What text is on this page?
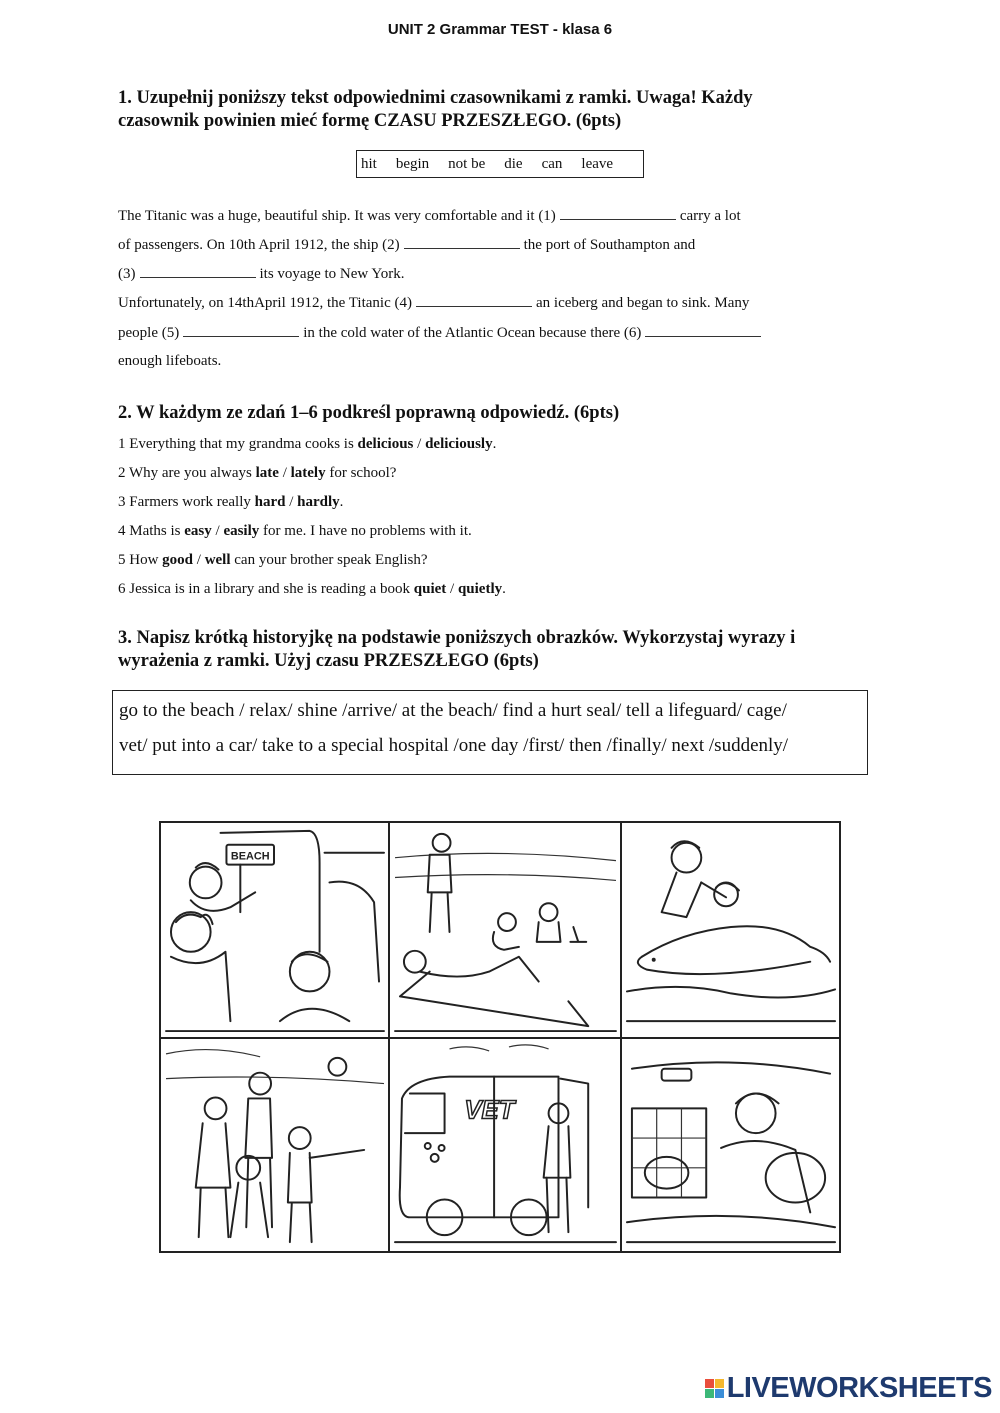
UNIT 2 Grammar TEST - klasa 6
1. Uzupełnij poniższy tekst odpowiednimi czasownikami z ramki. Uwaga! Każdy
czasownik powinien mieć formę CZASU PRZESZŁEGO. (6pts)
hit begin not be die can leave
The Titanic was a huge, beautiful ship. It was very comfortable and it (1)	carry a lot
of passengers. On 10th April 1912, the ship (2)	the port of Southampton and
(3)	its voyage to New York.
Unfortunately, on 14thApril 1912, the Titanic (4)	an iceberg and began to sink. Many
people (5)	in the cold water of the Atlantic Ocean because there (6)
enough lifeboats.
2. W każdym ze zdań 1–6 podkreśl poprawną odpowiedź. (6pts)
1 Everything that my grandma cooks is delicious / deliciously.
2 Why are you always late / lately for school?
3 Farmers work really hard / hardly.
4 Maths is easy / easily for me. I have no problems with it.
5 How good / well can your brother speak English?
6 Jessica is in a library and she is reading a book quiet / quietly.
3. Napisz krótką historyjkę na podstawie poniższych obrazków. Wykorzystaj wyrazy i
wyrażenia z ramki. Użyj czasu PRZESZŁEGO (6pts)
go to the beach / relax/ shine /arrive/ at the beach/ find a hurt seal/ tell a lifeguard/ cage/
vet/ put into a car/ take to a special hospital /one day /first/ then /finally/ next /suddenly/
BEACH
VET
LIVEWORKSHEETS
